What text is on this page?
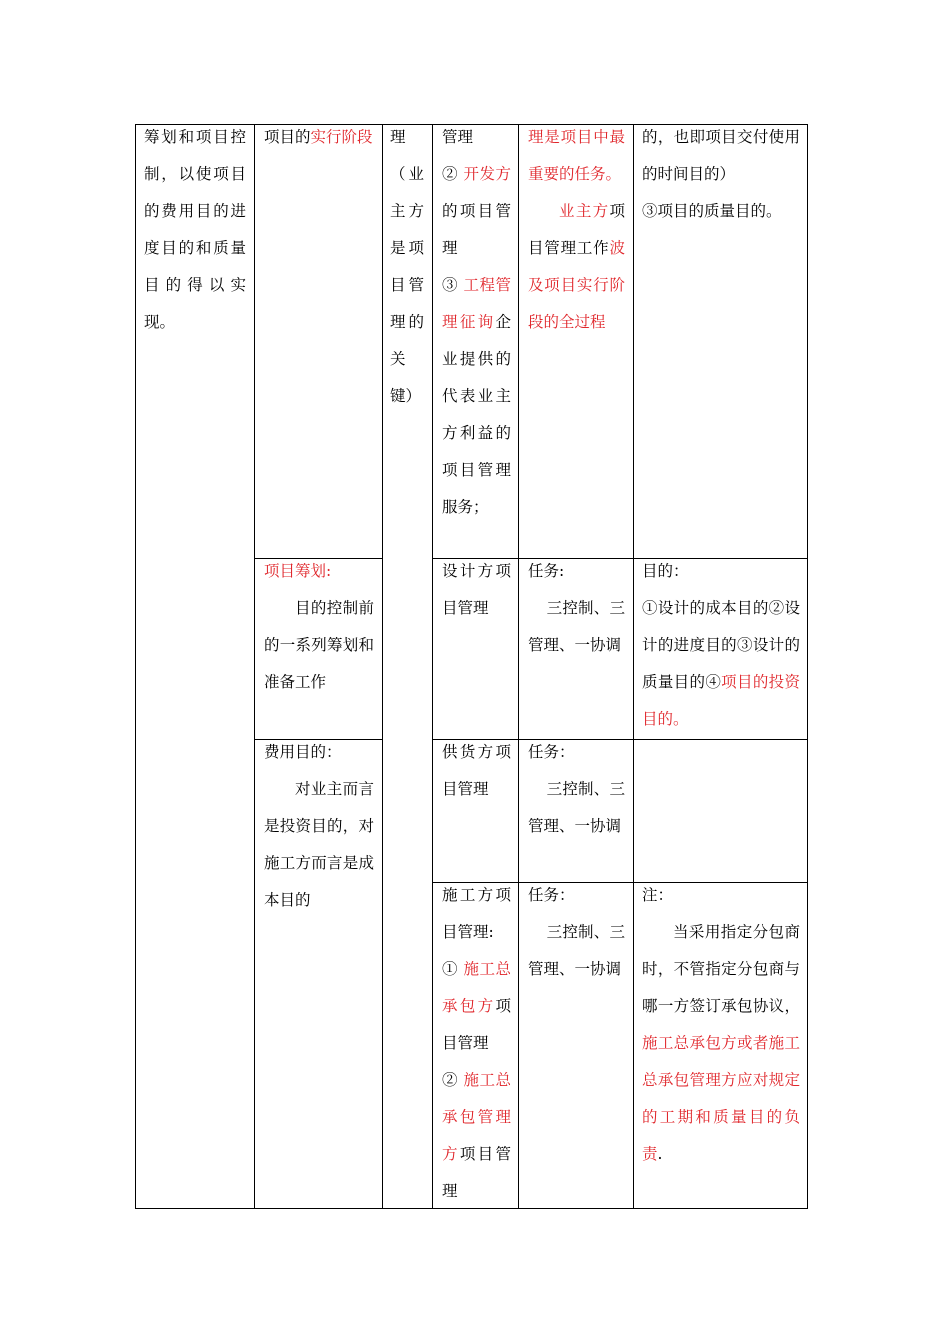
筹划和项目控制，以使项目的费用目的进度目的和质量目的得以实现。
项目的实行阶段

项目筹划:

目的控制前的一系列筹划和准备工作

费用目的：

对业主而言是投资目的，对施工方而言是成本目的

理（业主方是项目管理的关键）

管理

② 开发方的项目管理

③ 工程管理征询企业提供的代表业主方利益的项目管理服务；

设计方项目管理
供货方项目管理

施工方项目管理:

① 施工总承包方项目管理

② 施工总承包管理方项目管理

理是项目中最重要的任务。

业主方项目管理工作波及项目实行阶段的全过程

任务:

三控制、三管理、一协调

任务：

三控制、三管理、一协调

任务：

三控制、三管理、一协调

的，也即项目交付使用的时间目的）

③项目的质量目的。

目的：

①设计的成本目的②设计的进度目的③设计的质量目的④项目的投资目的。

注：

当采用指定分包商时，不管指定分包商与哪一方签订承包协议，施工总承包方或者施工总承包管理方应对规定的工期和质量目的负责.
